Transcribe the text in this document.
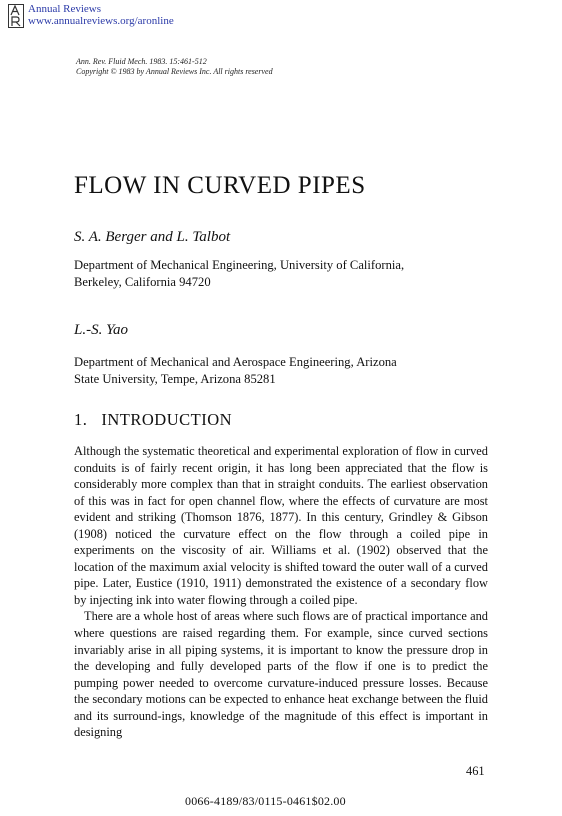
Annual Reviews
www.annualreviews.org/aronline
Ann. Rev. Fluid Mech. 1983. 15:461-512
Copyright © 1983 by Annual Reviews Inc. All rights reserved
FLOW IN CURVED PIPES
S. A. Berger and L. Talbot
Department of Mechanical Engineering, University of California,
Berkeley, California 94720
L.-S. Yao
Department of Mechanical and Aerospace Engineering, Arizona
State University, Tempe, Arizona 85281
1. INTRODUCTION

Although the systematic theoretical and experimental exploration of flow in curved conduits is of fairly recent origin, it has long been appreciated that the flow is considerably more complex than that in straight conduits. The earliest observation of this was in fact for open channel flow, where the effects of curvature are most evident and striking (Thomson 1876, 1877). In this century, Grindley & Gibson (1908) noticed the curvature effect on the flow through a coiled pipe in experiments on the viscosity of air. Williams et al. (1902) observed that the location of the maximum axial velocity is shifted toward the outer wall of a curved pipe. Later, Eustice (1910, 1911) demonstrated the existence of a secondary flow by injecting ink into water flowing through a coiled pipe.

There are a whole host of areas where such flows are of practical importance and where questions are raised regarding them. For example, since curved sections invariably arise in all piping systems, it is important to know the pressure drop in the developing and fully developed parts of the flow if one is to predict the pumping power needed to overcome curvature-induced pressure losses. Because the secondary motions can be expected to enhance heat exchange between the fluid and its surround-ings, knowledge of the magnitude of this effect is important in designing

461
0066-4189/83/0115-0461$02.00
